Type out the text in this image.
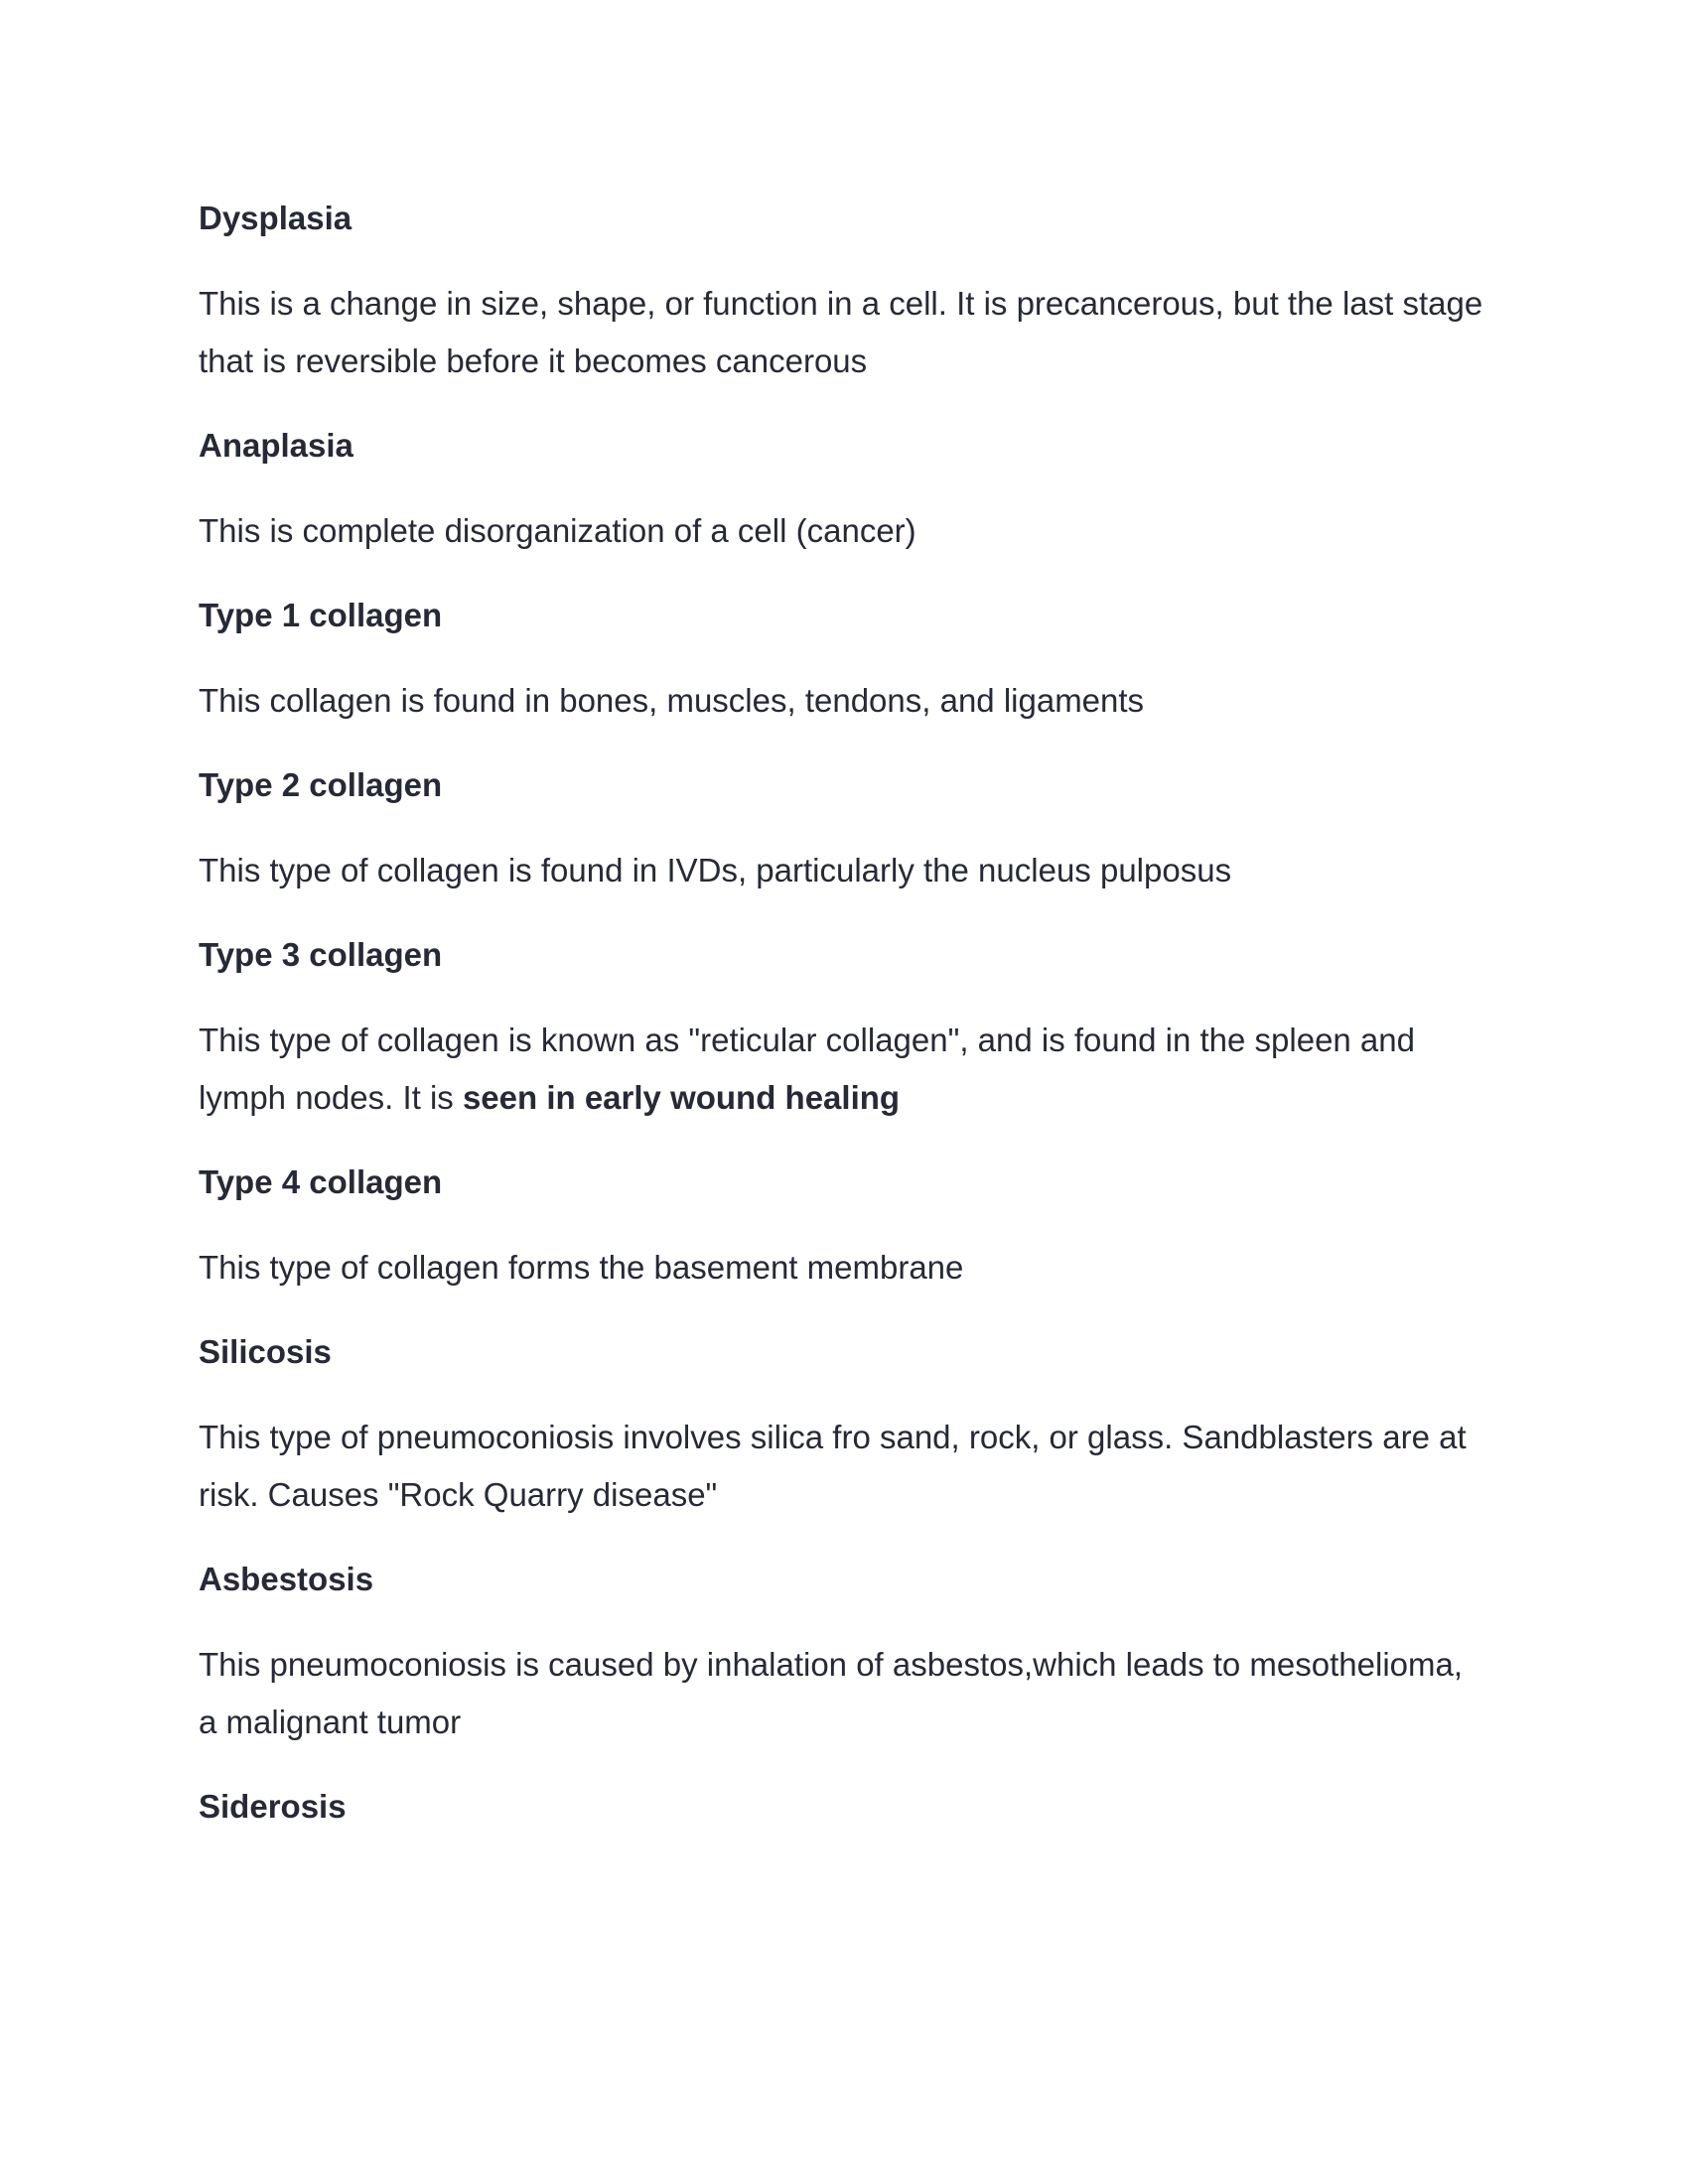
Dysplasia

This is a change in size, shape, or function in a cell. It is precancerous, but the last stage that is reversible before it becomes cancerous

Anaplasia

This is complete disorganization of a cell (cancer)

Type 1 collagen

This collagen is found in bones, muscles, tendons, and ligaments

Type 2 collagen

This type of collagen is found in IVDs, particularly the nucleus pulposus

Type 3 collagen

This type of collagen is known as "reticular collagen", and is found in the spleen and lymph nodes. It is seen in early wound healing

Type 4 collagen

This type of collagen forms the basement membrane

Silicosis

This type of pneumoconiosis involves silica fro sand, rock, or glass. Sandblasters are at risk. Causes "Rock Quarry disease"

Asbestosis

This pneumoconiosis is caused by inhalation of asbestos,which leads to mesothelioma, a malignant tumor

Siderosis
